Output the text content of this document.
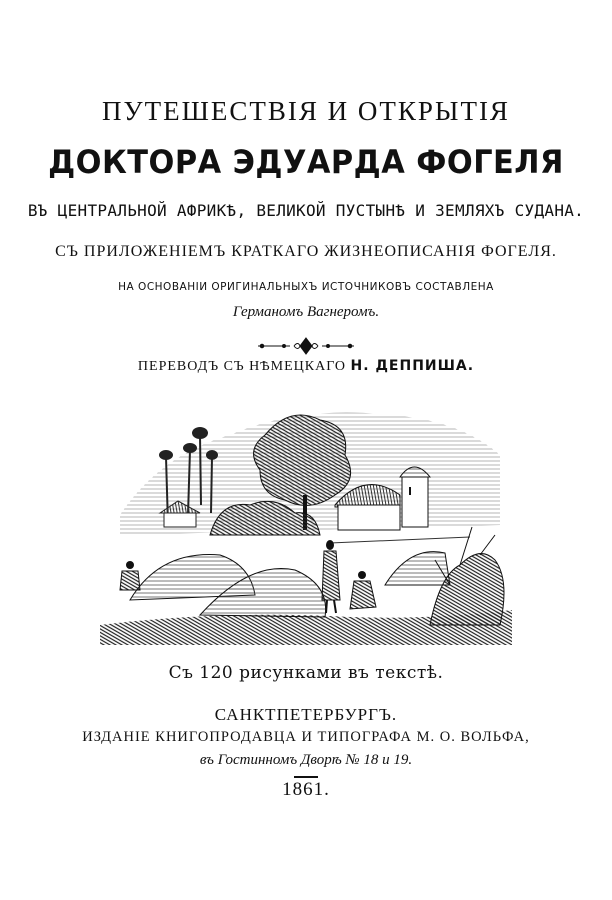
ПУТЕШЕСТВІЯ И ОТКРЫТІЯ
ДОКТОРА ЭДУАРДА ФОГЕЛЯ
ВЪ ЦЕНТРАЛЬНОЙ АФРИКѢ, ВЕЛИКОЙ ПУСТЫНѢ И ЗЕМЛЯХЪ СУДАНА.
СЪ ПРИЛОЖЕНІЕМЪ КРАТКАГО ЖИЗНЕОПИСАНІЯ ФОГЕЛЯ.
НА ОСНОВАНІИ ОРИГИНАЛЬНЫХЪ ИСТОЧНИКОВЪ СОСТАВЛЕНА
Германомъ Вагнеромъ.
ПЕРЕВОДЪ СЪ НѢМЕЦКАГО Н. ДЕППИША.
Съ 120 рисунками въ текстѣ.
САНКТПЕТЕРБУРГЪ.
ИЗДАНІЕ КНИГОПРОДАВЦА И ТИПОГРАФА М. О. ВОЛЬФА,
въ Гостинномъ Дворѣ № 18 и 19.
1861.
